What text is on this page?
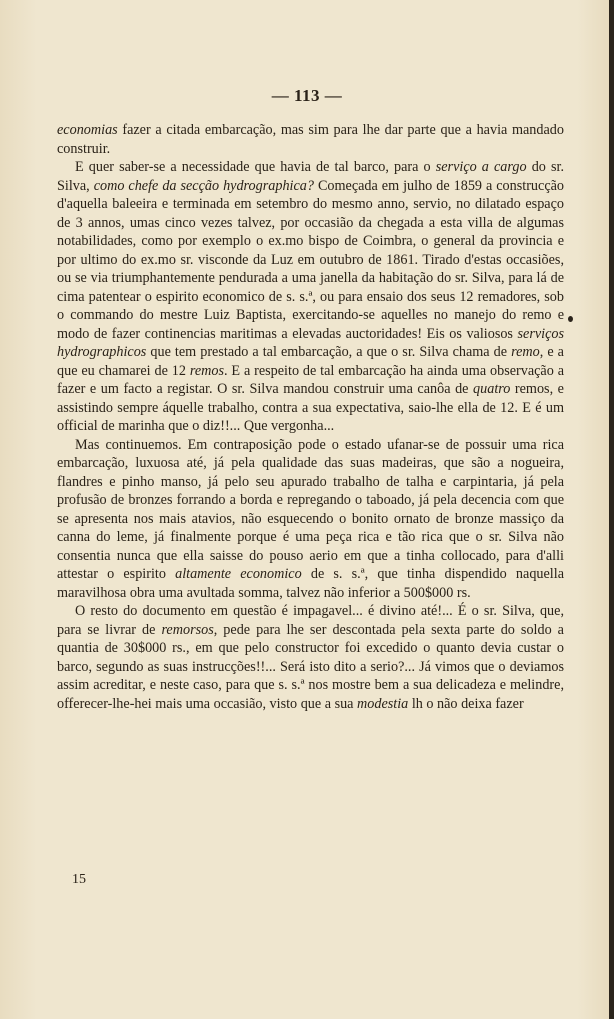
— 113 —

economias fazer a citada embarcação, mas sim para lhe dar parte que a havia mandado construir.

E quer saber-se a necessidade que havia de tal barco, para o serviço a cargo do sr. Silva, como chefe da secção hydrographica? Começada em julho de 1859 a construcção d'aquella baleeira e terminada em setembro do mesmo anno, servio, no dilatado espaço de 3 annos, umas cinco vezes talvez, por occasião da chegada a esta villa de algumas notabilidades, como por exemplo o ex.mo bispo de Coimbra, o general da provincia e por ultimo do ex.mo sr. visconde da Luz em outubro de 1861. Tirado d'estas occasiões, ou se via triumphantemente pendurada a uma janella da habitação do sr. Silva, para lá de cima patentear o espirito economico de s. s.ª, ou para ensaio dos seus 12 remadores, sob o commando do mestre Luiz Baptista, exercitando-se aquelles no manejo do remo e modo de fazer continencias maritimas a elevadas auctoridades! Eis os valiosos serviços hydrographicos que tem prestado a tal embarcação, a que o sr. Silva chama de remo, e a que eu chamarei de 12 remos. E a respeito de tal embarcação ha ainda uma observação a fazer e um facto a registar. O sr. Silva mandou construir uma canôa de quatro remos, e assistindo sempre áquelle trabalho, contra a sua expectativa, saio-lhe ella de 12. E é um official de marinha que o diz!!... Que vergonha...

Mas continuemos. Em contraposição pode o estado ufanar-se de possuir uma rica embarcação, luxuosa até, já pela qualidade das suas madeiras, que são a nogueira, flandres e pinho manso, já pelo seu apurado trabalho de talha e carpintaria, já pela profusão de bronzes forrando a borda e repregando o taboado, já pela decencia com que se apresenta nos mais atavios, não esquecendo o bonito ornato de bronze massiço da canna do leme, já finalmente porque é uma peça rica e tão rica que o sr. Silva não consentia nunca que ella saisse do pouso aerio em que a tinha collocado, para d'alli attestar o espirito altamente economico de s. s.ª, que tinha dispendido naquella maravilhosa obra uma avultada somma, talvez não inferior a 500$000 rs.

O resto do documento em questão é impagavel... é divino até!... É o sr. Silva, que, para se livrar de remorsos, pede para lhe ser descontada pela sexta parte do soldo a quantia de 30$000 rs., em que pelo constructor foi excedido o quanto devia custar o barco, segundo as suas instrucções!!... Será isto dito a serio?... Já vimos que o deviamos assim acreditar, e neste caso, para que s. s.ª nos mostre bem a sua delicadeza e melindre, offerecer-lhe-hei mais uma occasião, visto que a sua modestia lh o não deixa fazer

15
